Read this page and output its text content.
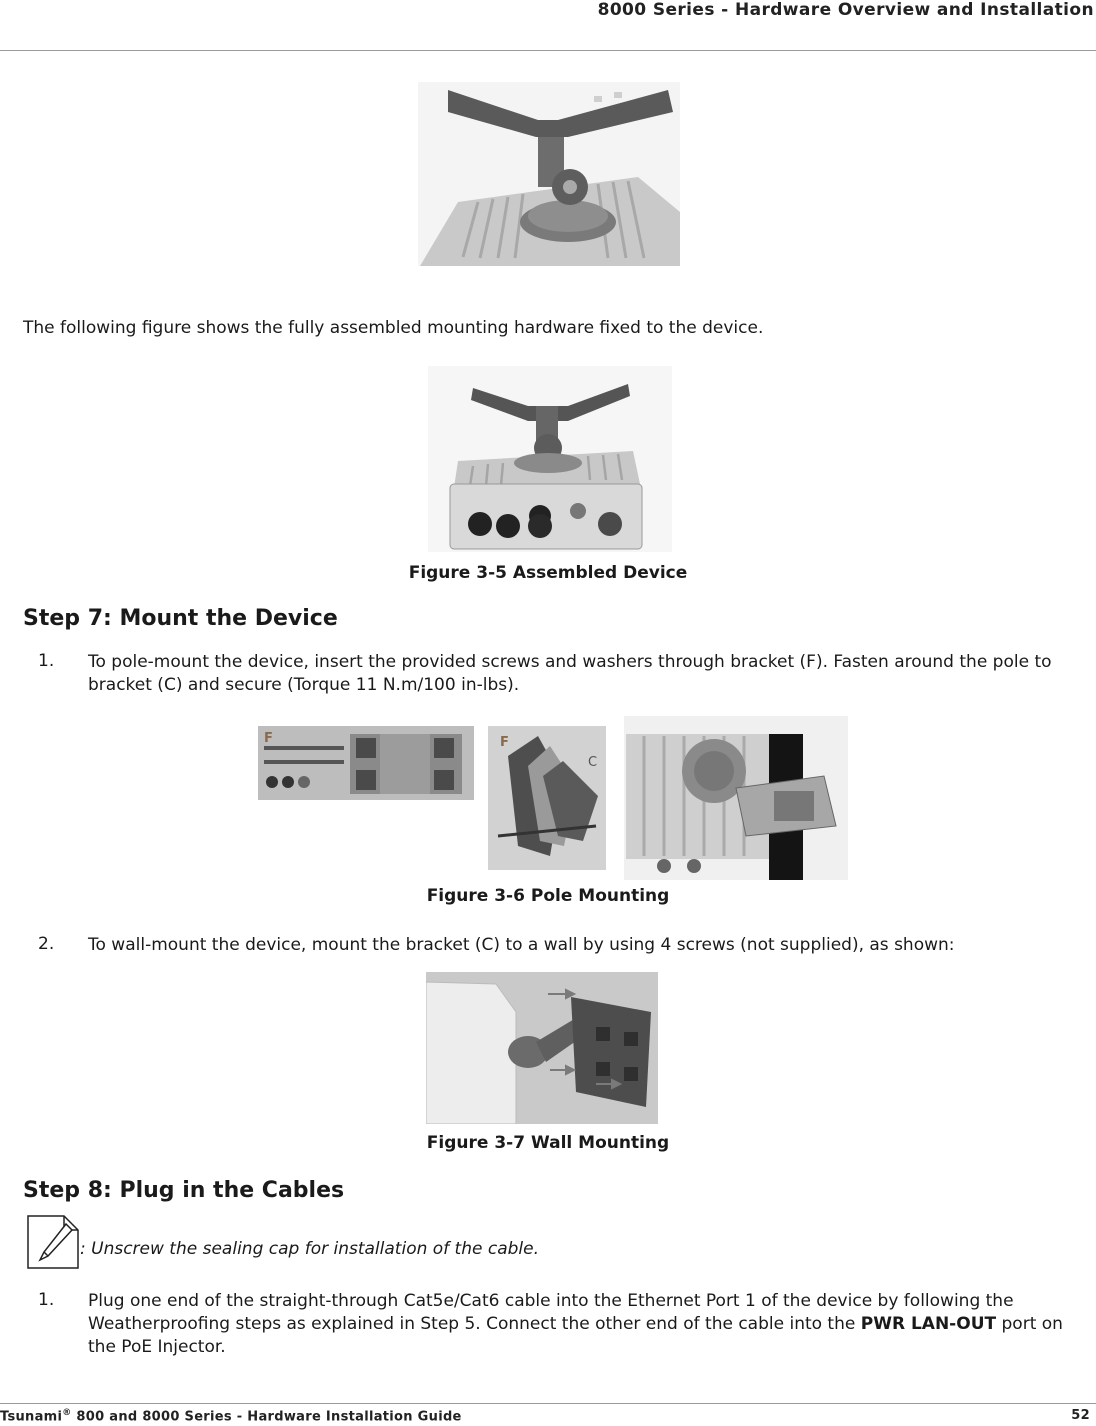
8000 Series - Hardware Overview and Installation
The following figure shows the fully assembled mounting hardware fixed to the device.
Figure 3-5 Assembled Device
Step 7: Mount the Device
1. To pole-mount the device, insert the provided screws and washers through bracket (F). Fasten around the pole to bracket (C) and secure (Torque 11 N.m/100 in-lbs).
F	F
C
Figure 3-6 Pole Mounting
2. To wall-mount the device, mount the bracket (C) to a wall by using 4 screws (not supplied), as shown:
Figure 3-7 Wall Mounting
Step 8: Plug in the Cables
: Unscrew the sealing cap for installation of the cable.
1. Plug one end of the straight-through Cat5e/Cat6 cable into the Ethernet Port 1 of the device by following the Weatherproofing steps as explained in Step 5. Connect the other end of the cable into the PWR LAN-OUT port on the PoE Injector.
Tsunami® 800 and 8000 Series - Hardware Installation Guide	52
